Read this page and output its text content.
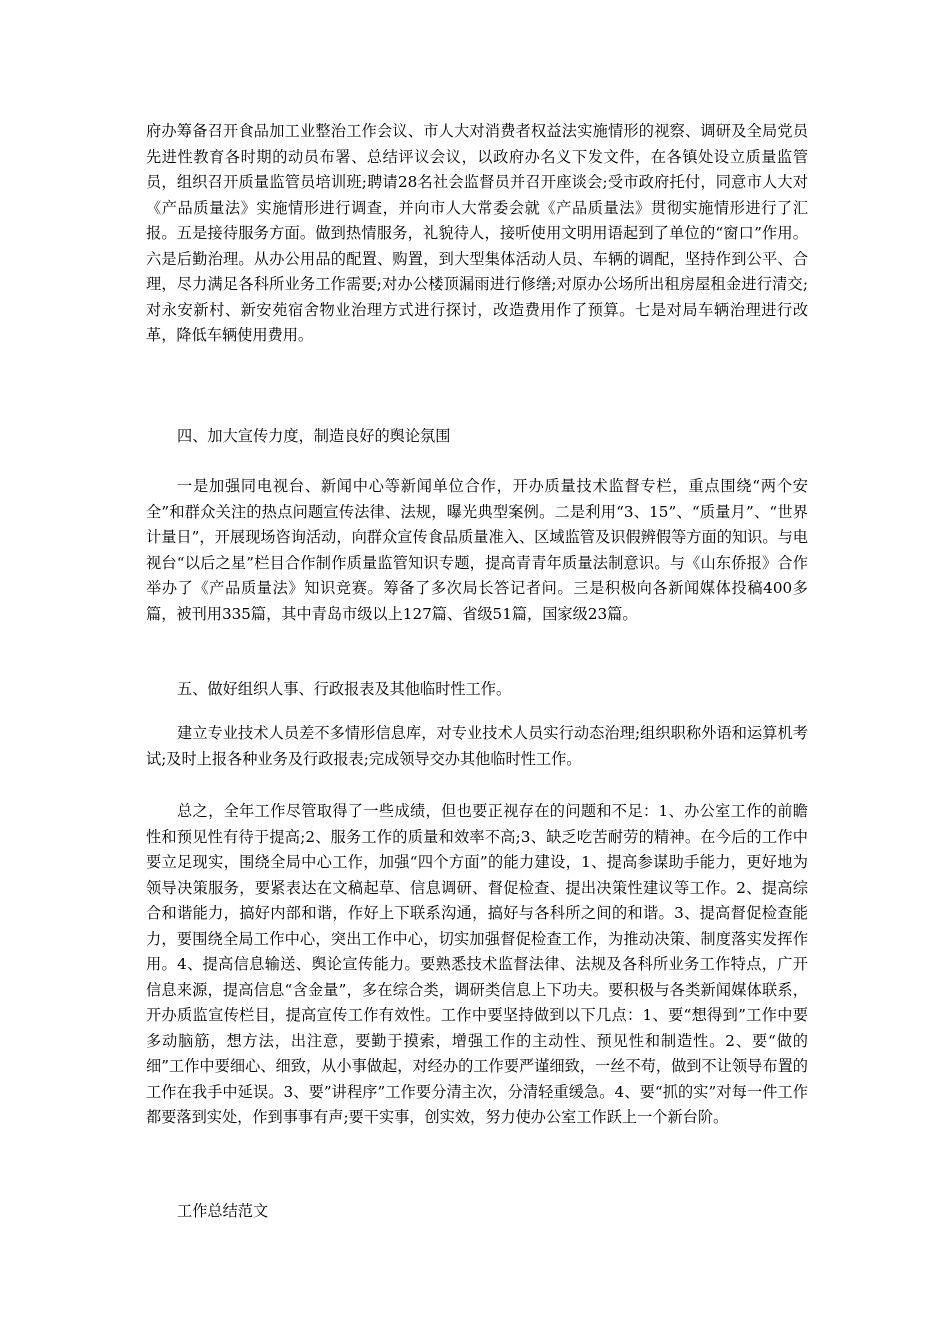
府办筹备召开食品加工业整治工作会议、市人大对消费者权益法实施情形的视察、调研及全局党员先进性教育各时期的动员布署、总结评议会议，以政府办名义下发文件，在各镇处设立质量监管员，组织召开质量监管员培训班;聘请28名社会监督员并召开座谈会;受市政府托付，同意市人大对《产品质量法》实施情形进行调查，并向市人大常委会就《产品质量法》贯彻实施情形进行了汇报。五是接待服务方面。做到热情服务，礼貌待人，接听使用文明用语起到了单位的“窗口”作用。六是后勤治理。从办公用品的配置、购置，到大型集体活动人员、车辆的调配，坚持作到公平、合理，尽力满足各科所业务工作需要;对办公楼顶漏雨进行修缮;对原办公场所出租房屋租金进行清交;对永安新村、新安苑宿舍物业治理方式进行探讨，改造费用作了预算。七是对局车辆治理进行改革，降低车辆使用费用。

四、加大宣传力度，制造良好的舆论氛围

一是加强同电视台、新闻中心等新闻单位合作，开办质量技术监督专栏，重点围绕“两个安全”和群众关注的热点问题宣传法律、法规，曝光典型案例。二是利用“3、15”、“质量月”、“世界计量日”，开展现场咨询活动，向群众宣传食品质量准入、区域监管及识假辨假等方面的知识。与电视台“以后之星”栏目合作制作质量监管知识专题，提高青青年质量法制意识。与《山东侨报》合作举办了《产品质量法》知识竞赛。筹备了多次局长答记者问。三是积极向各新闻媒体投稿400多篇，被刊用335篇，其中青岛市级以上127篇、省级51篇，国家级23篇。

五、做好组织人事、行政报表及其他临时性工作。

建立专业技术人员差不多情形信息库，对专业技术人员实行动态治理;组织职称外语和运算机考试;及时上报各种业务及行政报表;完成领导交办其他临时性工作。

总之，全年工作尽管取得了一些成绩，但也要正视存在的问题和不足：1、办公室工作的前瞻性和预见性有待于提高;2、服务工作的质量和效率不高;3、缺乏吃苦耐劳的精神。在今后的工作中要立足现实，围绕全局中心工作，加强“四个方面”的能力建设，1、提高参谋助手能力，更好地为领导决策服务，要紧表达在文稿起草、信息调研、督促检查、提出决策性建议等工作。2、提高综合和谐能力，搞好内部和谐，作好上下联系沟通，搞好与各科所之间的和谐。3、提高督促检查能力，要围绕全局工作中心，突出工作中心，切实加强督促检查工作，为推动决策、制度落实发挥作用。4、提高信息输送、舆论宣传能力。要熟悉技术监督法律、法规及各科所业务工作特点，广开信息来源，提高信息“含金量”，多在综合类，调研类信息上下功夫。要积极与各类新闻媒体联系，开办质监宣传栏目，提高宣传工作有效性。工作中要坚持做到以下几点：1、要“想得到”工作中要多动脑筋，想方法，出注意，要勤于摸索，增强工作的主动性、预见性和制造性。2、要“做的细”工作中要细心、细致，从小事做起，对经办的工作要严谨细致，一丝不苟，做到不让领导布置的工作在我手中延误。3、要”讲程序”工作要分清主次，分清轻重缓急。4、要“抓的实”对每一件工作都要落到实处，作到事事有声;要干实事，创实效，努力使办公室工作跃上一个新台阶。

工作总结范文
